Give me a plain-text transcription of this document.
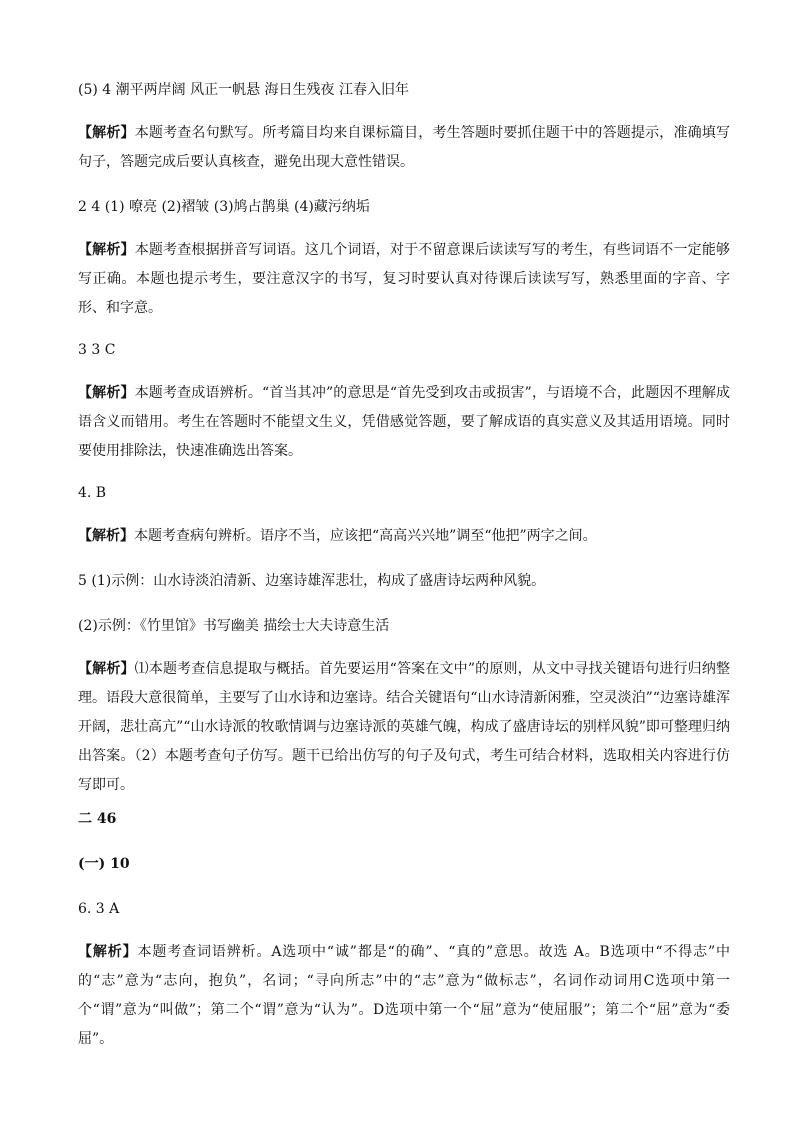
(5) 4 潮平两岸阔 风正一帆悬 海日生残夜 江春入旧年
【解析】本题考查名句默写。所考篇目均来自课标篇目，考生答题时要抓住题干中的答题提示，准确填写句子，答题完成后要认真核查，避免出现大意性错误。
2 4 (1) 嘹亮 (2)褶皱 (3)鸠占鹊巢 (4)藏污纳垢
【解析】本题考查根据拼音写词语。这几个词语，对于不留意课后读读写写的考生，有些词语不一定能够写正确。本题也提示考生，要注意汉字的书写，复习时要认真对待课后读读写写，熟悉里面的字音、字形、和字意。
3 3 C
【解析】本题考查成语辨析。“首当其冲”的意思是“首先受到攻击或损害”，与语境不合，此题因不理解成语含义而错用。考生在答题时不能望文生义，凭借感觉答题，要了解成语的真实意义及其适用语境。同时要使用排除法，快速准确选出答案。
4. B
【解析】本题考查病句辨析。语序不当，应该把“高高兴兴地”调至“他把”两字之间。
5 (1)示例：山水诗淡泊清新、边塞诗雄浑悲壮，构成了盛唐诗坛两种风貌。
(2)示例：《竹里馆》书写幽美 描绘士大夫诗意生活
【解析】⑴本题考查信息提取与概括。首先要运用“答案在文中”的原则，从文中寻找关键语句进行归纳整理。语段大意很简单，主要写了山水诗和边塞诗。结合关键语句“山水诗清新闲雅，空灵淡泊”“边塞诗雄浑开阔，悲壮高亢”“山水诗派的牧歌情调与边塞诗派的英雄气魄，构成了盛唐诗坛的别样风貌”即可整理归纳出答案。（2）本题考查句子仿写。题干已给出仿写的句子及句式，考生可结合材料，选取相关内容进行仿写即可。
二 46
(一) 10
6. 3 A
【解析】本题考查词语辨析。A选项中“诚”都是“的确”、“真的”意思。故选 A。B选项中“不得志”中的“志”意为“志向，抱负”，名词；“寻向所志”中的“志”意为“做标志”，名词作动词用C选项中第一个“谓”意为“叫做”；第二个“谓”意为“认为”。D选项中第一个“屈”意为“使屈服”；第二个“屈”意为“委屈”。
